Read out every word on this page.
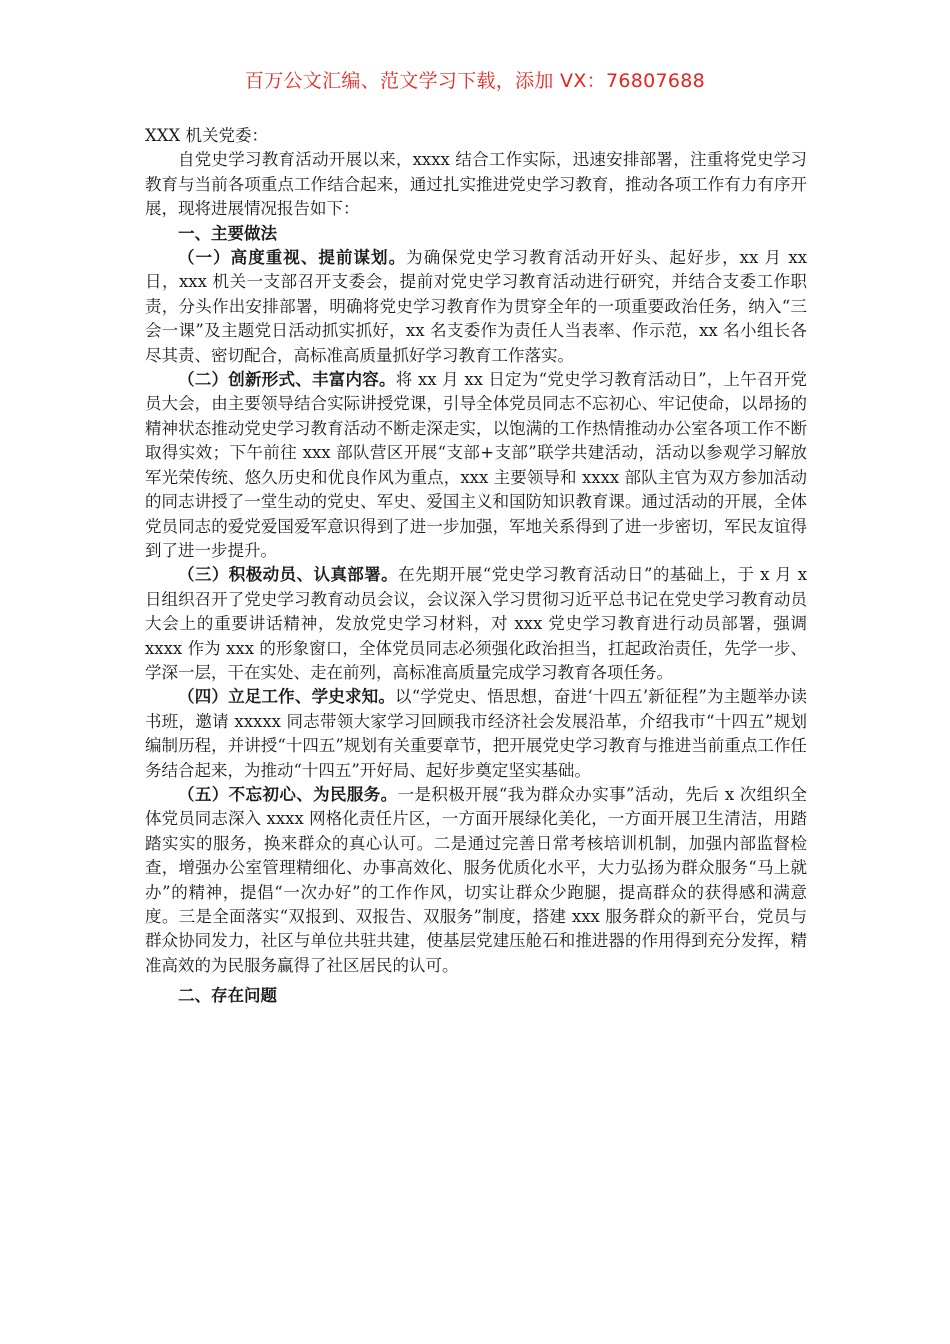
百万公文汇编、范文学习下载，添加 VX：76807688

XXX 机关党委：

自党史学习教育活动开展以来，xxxx 结合工作实际，迅速安排部署，注重将党史学习教育与当前各项重点工作结合起来，通过扎实推进党史学习教育，推动各项工作有力有序开展，现将进展情况报告如下：

一、主要做法

（一）高度重视、提前谋划。为确保党史学习教育活动开好头、起好步，xx 月 xx 日，xxx 机关一支部召开支委会，提前对党史学习教育活动进行研究，并结合支委工作职责，分头作出安排部署，明确将党史学习教育作为贯穿全年的一项重要政治任务，纳入“三会一课”及主题党日活动抓实抓好，xx 名支委作为责任人当表率、作示范，xx 名小组长各尽其责、密切配合，高标准高质量抓好学习教育工作落实。

（二）创新形式、丰富内容。将 xx 月 xx 日定为“党史学习教育活动日”，上午召开党员大会，由主要领导结合实际讲授党课，引导全体党员同志不忘初心、牢记使命，以昂扬的精神状态推动党史学习教育活动不断走深走实，以饱满的工作热情推动办公室各项工作不断取得实效；下午前往 xxx 部队营区开展“支部+支部”联学共建活动，活动以参观学习解放军光荣传统、悠久历史和优良作风为重点，xxx 主要领导和 xxxx 部队主官为双方参加活动的同志讲授了一堂生动的党史、军史、爱国主义和国防知识教育课。通过活动的开展，全体党员同志的爱党爱国爱军意识得到了进一步加强，军地关系得到了进一步密切，军民友谊得到了进一步提升。

（三）积极动员、认真部署。在先期开展“党史学习教育活动日”的基础上，于 x 月 x 日组织召开了党史学习教育动员会议，会议深入学习贯彻习近平总书记在党史学习教育动员大会上的重要讲话精神，发放党史学习材料，对 xxx 党史学习教育进行动员部署，强调 xxxx 作为 xxx 的形象窗口，全体党员同志必须强化政治担当，扛起政治责任，先学一步、学深一层，干在实处、走在前列，高标准高质量完成学习教育各项任务。

（四）立足工作、学史求知。以“学党史、悟思想，奋进‘十四五’新征程”为主题举办读书班，邀请 xxxxx 同志带领大家学习回顾我市经济社会发展沿革，介绍我市“十四五”规划编制历程，并讲授“十四五”规划有关重要章节，把开展党史学习教育与推进当前重点工作任务结合起来，为推动“十四五”开好局、起好步奠定坚实基础。

（五）不忘初心、为民服务。一是积极开展“我为群众办实事”活动，先后 x 次组织全体党员同志深入 xxxx 网格化责任片区，一方面开展绿化美化，一方面开展卫生清洁，用踏踏实实的服务，换来群众的真心认可。二是通过完善日常考核培训机制，加强内部监督检查，增强办公室管理精细化、办事高效化、服务优质化水平，大力弘扬为群众服务“马上就办”的精神，提倡“一次办好”的工作作风，切实让群众少跑腿，提高群众的获得感和满意度。三是全面落实“双报到、双报告、双服务”制度，搭建 xxx 服务群众的新平台，党员与群众协同发力，社区与单位共驻共建，使基层党建压舱石和推进器的作用得到充分发挥，精准高效的为民服务赢得了社区居民的认可。

二、存在问题
